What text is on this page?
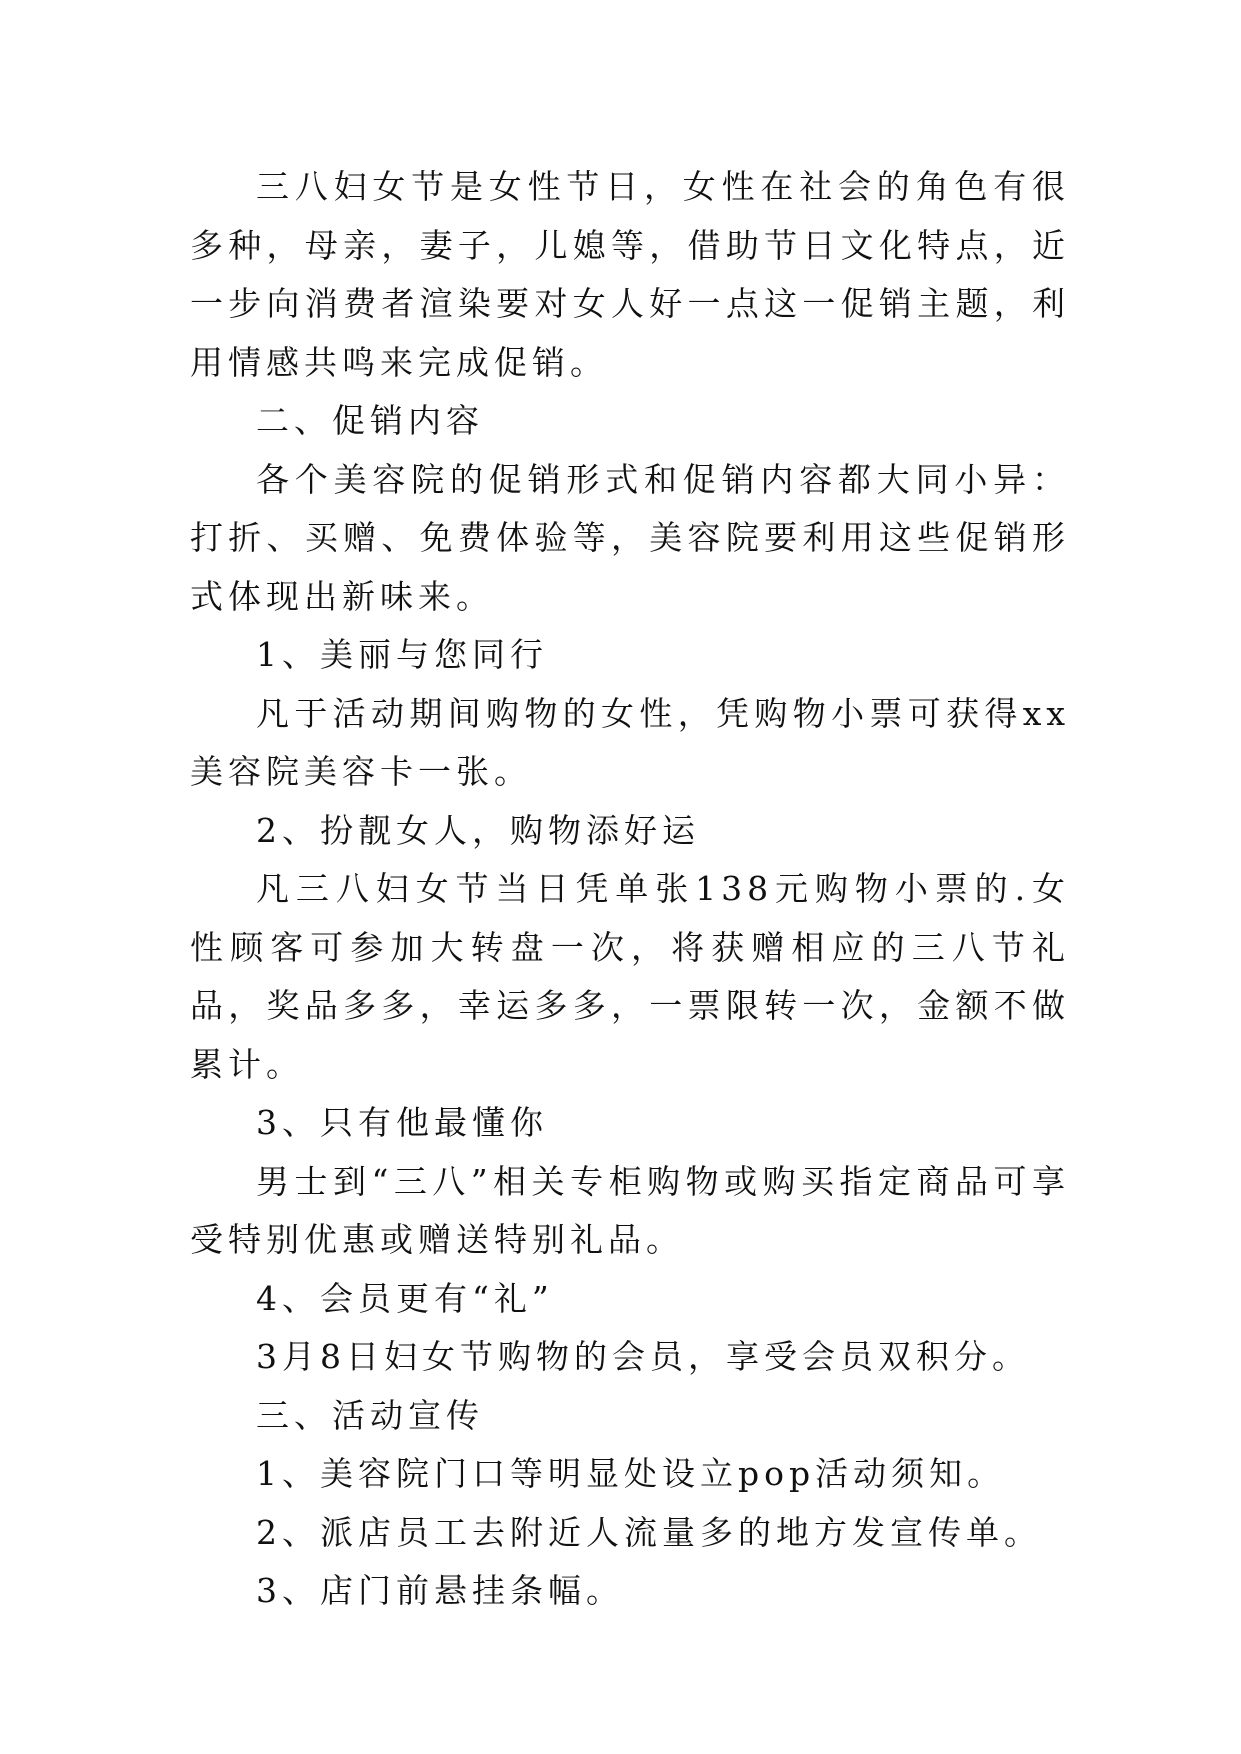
三八妇女节是女性节日，女性在社会的角色有很多种，母亲，妻子，儿媳等，借助节日文化特点，近一步向消费者渲染要对女人好一点这一促销主题，利用情感共鸣来完成促销。

二、促销内容

各个美容院的促销形式和促销内容都大同小异：打折、买赠、免费体验等，美容院要利用这些促销形式体现出新味来。

1、美丽与您同行

凡于活动期间购物的女性，凭购物小票可获得xx美容院美容卡一张。

2、扮靓女人，购物添好运

凡三八妇女节当日凭单张138元购物小票的.女性顾客可参加大转盘一次，将获赠相应的三八节礼品，奖品多多，幸运多多，一票限转一次，金额不做累计。

3、只有他最懂你

男士到“三八”相关专柜购物或购买指定商品可享受特别优惠或赠送特别礼品。

4、会员更有“礼”

3月8日妇女节购物的会员，享受会员双积分。

三、活动宣传

1、美容院门口等明显处设立pop活动须知。

2、派店员工去附近人流量多的地方发宣传单。

3、店门前悬挂条幅。
